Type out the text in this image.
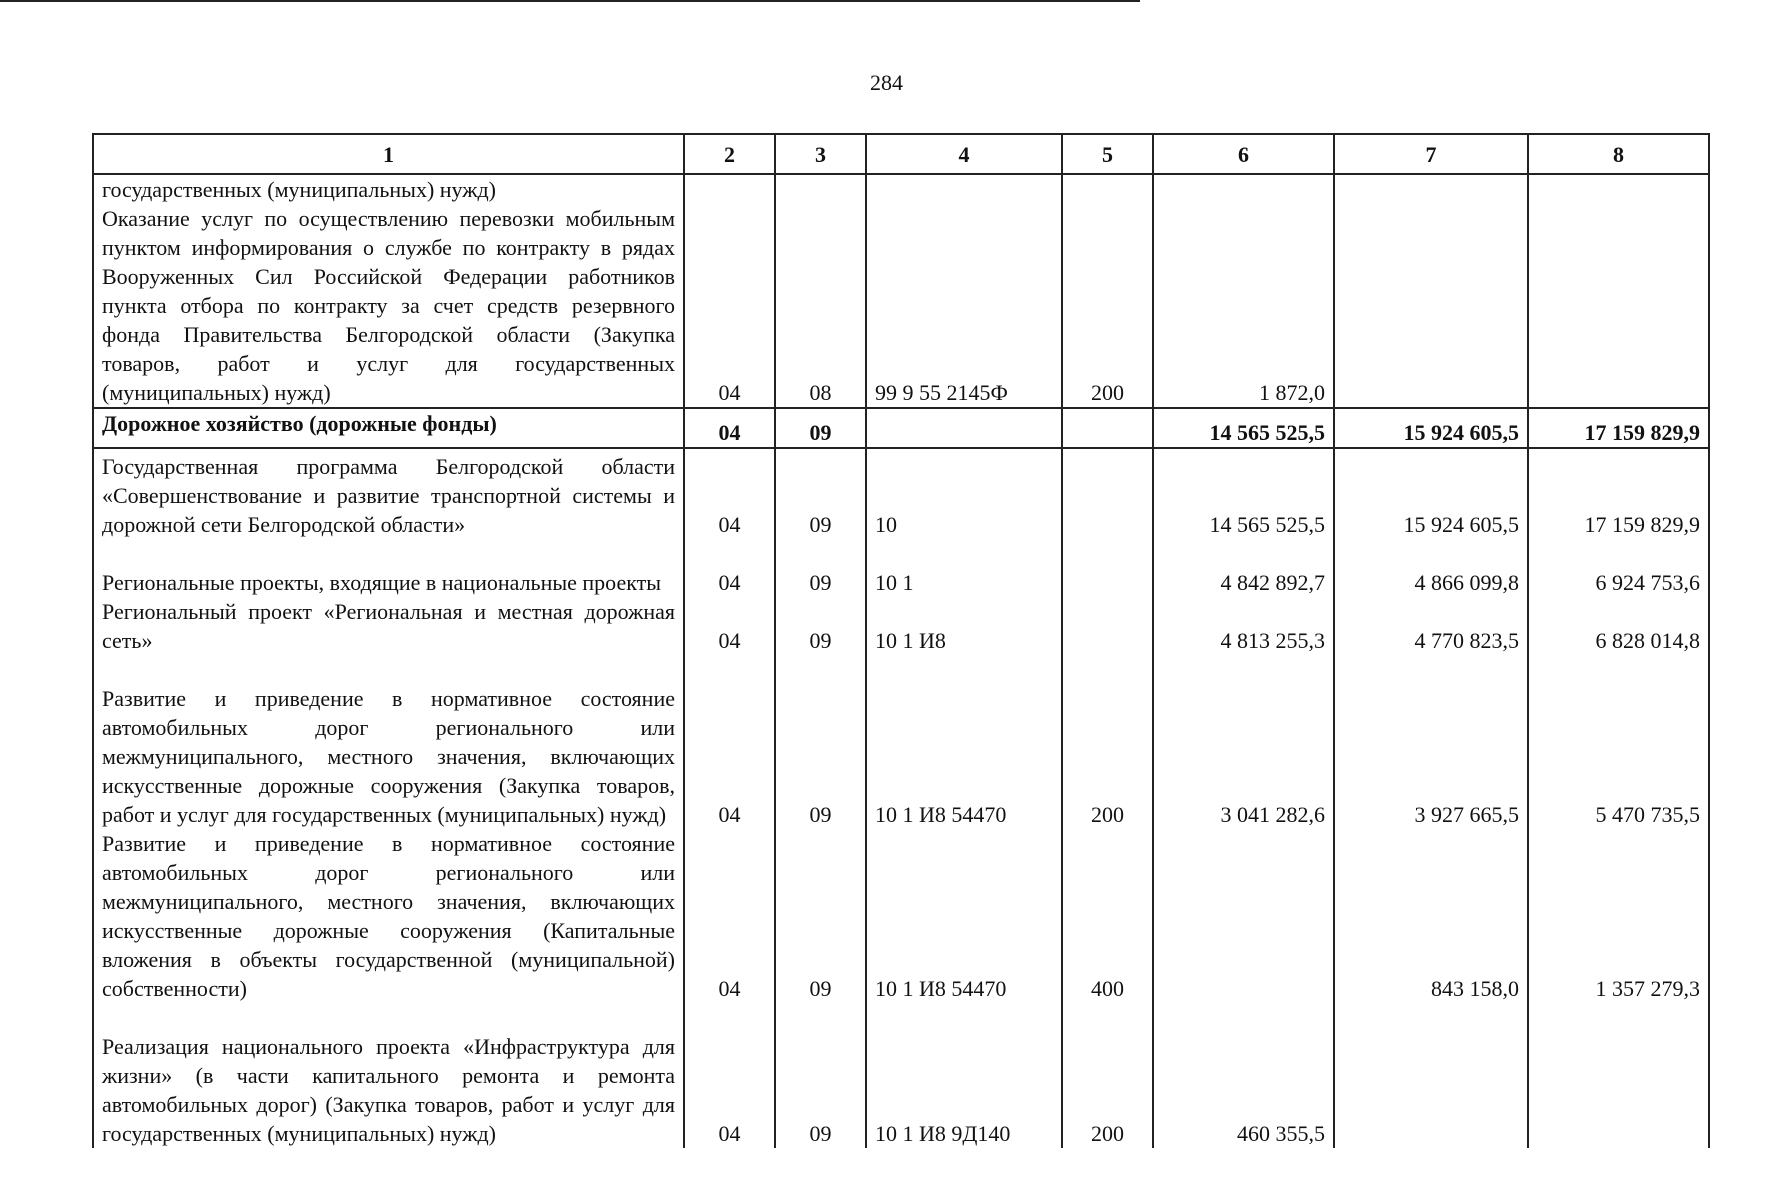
284
1	2	3	4	5	6	7	8

государственных (муниципальных) нужд)
Оказание услуг по осуществлению перевозки мобильным пунктом информирования о службе по контракту в рядах Вооруженных Сил Российской Федерации работников пункта отбора по контракту за счет средств резервного фонда Правительства Белгородской области (Закупка товаров, работ и услуг для государственных (муниципальных) нужд)	04	08	99 9 55 2145Ф	200	1 872,0		
Дорожное хозяйство (дорожные фонды)	04	09			14 565 525,5	15 924 605,5	17 159 829,9
Государственная программа Белгородской области «Совершенствование и развитие транспортной системы и дорожной сети Белгородской области»	04	09	10		14 565 525,5	15 924 605,5	17 159 829,9
Региональные проекты, входящие в национальные проекты	04	09	10 1		4 842 892,7	4 866 099,8	6 924 753,6
Региональный проект «Региональная и местная дорожная сеть»	04	09	10 1 И8		4 813 255,3	4 770 823,5	6 828 014,8
Развитие и приведение в нормативное состояние автомобильных дорог регионального или межмуниципального, местного значения, включающих искусственные дорожные сооружения (Закупка товаров, работ и услуг для государственных (муниципальных) нужд)	04	09	10 1 И8 54470	200	3 041 282,6	3 927 665,5	5 470 735,5
Развитие и приведение в нормативное состояние автомобильных дорог регионального или межмуниципального, местного значения, включающих искусственные дорожные сооружения (Капитальные вложения в объекты государственной (муниципальной) собственности)	04	09	10 1 И8 54470	400		843 158,0	1 357 279,3
Реализация национального проекта «Инфраструктура для жизни» (в части капитального ремонта и ремонта автомобильных дорог) (Закупка товаров, работ и услуг для государственных (муниципальных) нужд)	04	09	10 1 И8 9Д140	200	460 355,5		
